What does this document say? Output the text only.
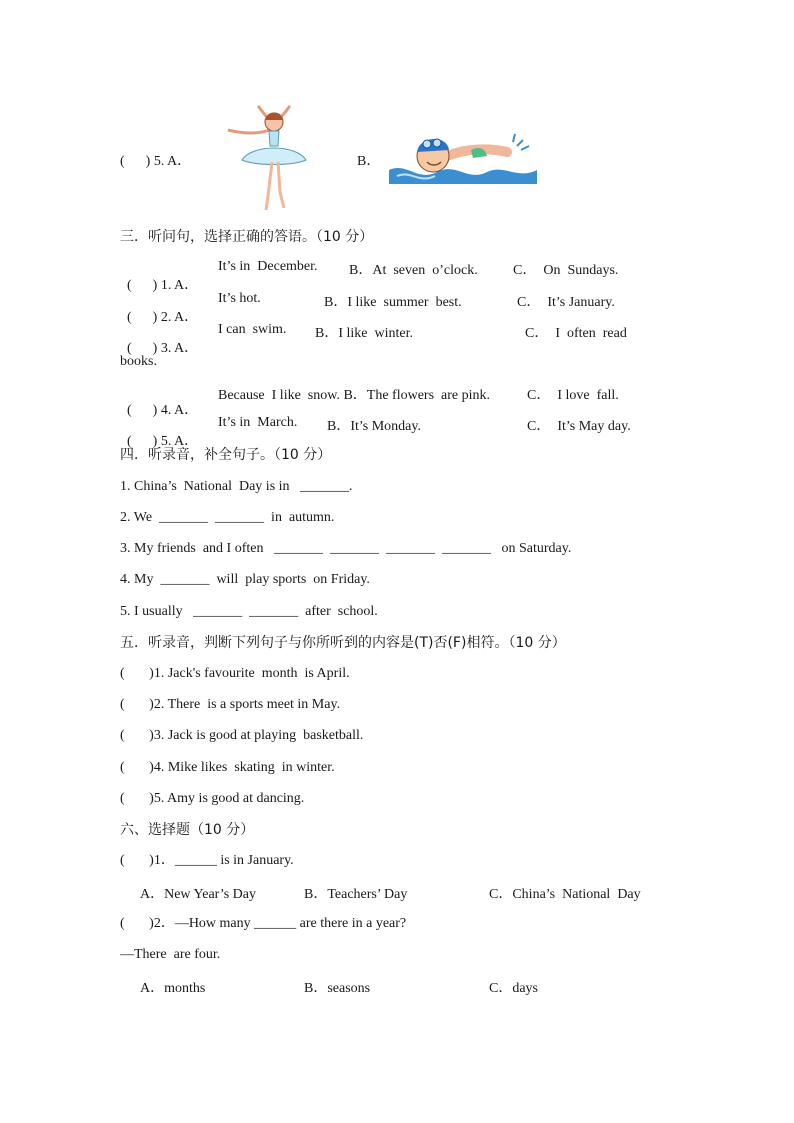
(      ) 5. A．	B．
三．听问句，选择正确的答语。（10 分）

(      ) 1. A．

It’s in  December. B．At  seven  o’clock.	C．  On  Sundays.

(      ) 2. A．

It’s hot.	B．I like  summer  best.	C．  It’s January.

(      ) 3. A．

I can  swim. B．I like  winter.	C．  I  often  read
books.

(      ) 4. A．

Because  I like  snow. B．The flowers  are pink.	C．  I love  fall.

(      ) 5. A．

It’s in  March. B．It’s Monday.	C．  It’s May day.
四．听录音，补全句子。（10 分）
1. China’s  National  Day is in   _______.
2. We  _______  _______  in  autumn.
3. My friends  and I often   _______  _______  _______  _______   on Saturday.
4. My  _______  will  play sports  on Friday.
5. I usually   _______  _______  after  school.
五．听录音，判断下列句子与你所听到的内容是(T)否(F)相符。（10 分）
(       )1. Jack's favourite  month  is April.
(       )2. There  is a sports meet in May.
(       )3. Jack is good at playing  basketball.
(       )4. Mike likes  skating  in winter.
(       )5. Amy is good at dancing.
六、选择题（10 分）
(       )1．______ is in January.
A．New Year’s Day	B．Teachers’ Day	C．China’s  National  Day
(       )2．—How many ______ are there in a year?
—There  are four.
A．months	B．seasons	C．days
